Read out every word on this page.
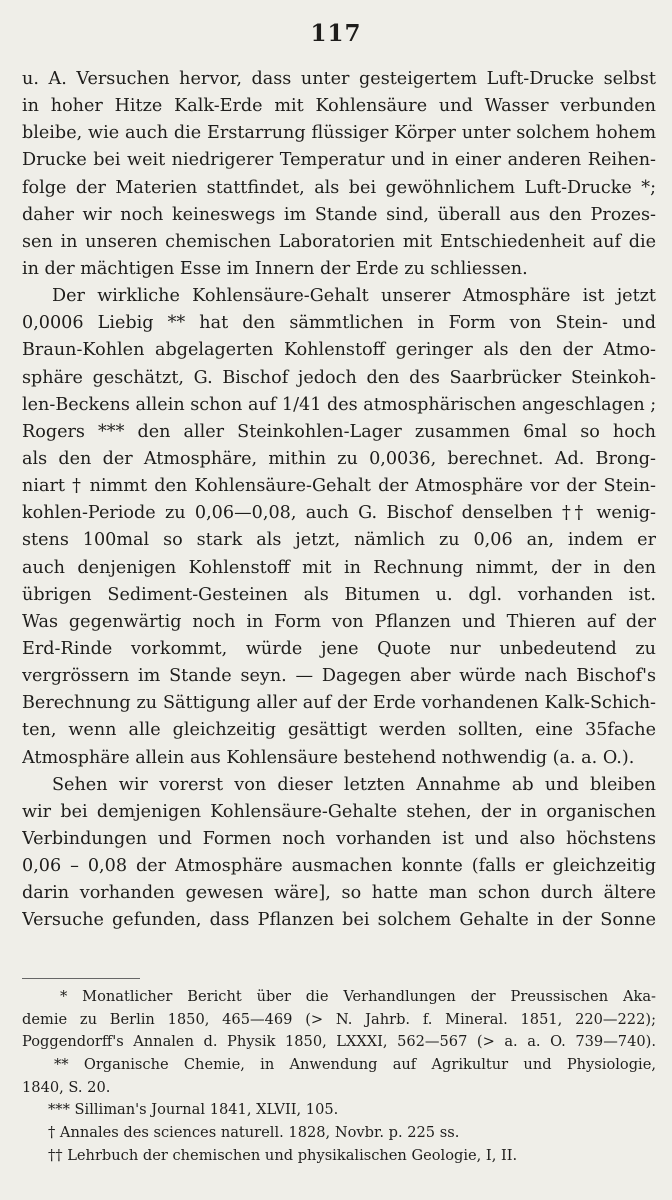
117
u. A. Versuchen hervor, dass unter gesteigertem Luft-Drucke selbst
in hoher Hitze Kalk-Erde mit Kohlensäure und Wasser verbunden
bleibe, wie auch die Erstarrung flüssiger Körper unter solchem hohem
Drucke bei weit niedrigerer Temperatur und in einer anderen Reihen-
folge der Materien stattfindet, als bei gewöhnlichem Luft-Drucke *;
daher wir noch keineswegs im Stande sind, überall aus den Prozes-
sen in unseren chemischen Laboratorien mit Entschiedenheit auf die
in der mächtigen Esse im Innern der Erde zu schliessen.
Der wirkliche Kohlensäure-Gehalt unserer Atmosphäre ist jetzt
0,0006 Liebig ** hat den sämmtlichen in Form von Stein- und
Braun-Kohlen abgelagerten Kohlenstoff geringer als den der Atmo-
sphäre geschätzt, G. Bischof jedoch den des Saarbrücker Steinkoh-
len-Beckens allein schon auf 1/41 des atmosphärischen angeschlagen ;
Rogers *** den aller Steinkohlen-Lager zusammen 6mal so hoch
als den der Atmosphäre, mithin zu 0,0036, berechnet. Ad. Brong-
niart † nimmt den Kohlensäure-Gehalt der Atmosphäre vor der Stein-
kohlen-Periode zu 0,06—0,08, auch G. Bischof denselben †† wenig-
stens 100mal so stark als jetzt, nämlich zu 0,06 an, indem er
auch denjenigen Kohlenstoff mit in Rechnung nimmt, der in den
übrigen Sediment-Gesteinen als Bitumen u. dgl. vorhanden ist.
Was gegenwärtig noch in Form von Pflanzen und Thieren auf der
Erd-Rinde vorkommt, würde jene Quote nur unbedeutend zu
vergrössern im Stande seyn. — Dagegen aber würde nach Bischof's
Berechnung zu Sättigung aller auf der Erde vorhandenen Kalk-Schich-
ten, wenn alle gleichzeitig gesättigt werden sollten, eine 35fache
Atmosphäre allein aus Kohlensäure bestehend nothwendig (a. a. O.).
Sehen wir vorerst von dieser letzten Annahme ab und bleiben
wir bei demjenigen Kohlensäure-Gehalte stehen, der in organischen
Verbindungen und Formen noch vorhanden ist und also höchstens
0,06 – 0,08 der Atmosphäre ausmachen konnte (falls er gleichzeitig
darin vorhanden gewesen wäre], so hatte man schon durch ältere
Versuche gefunden, dass Pflanzen bei solchem Gehalte in der Sonne
* Monatlicher Bericht über die Verhandlungen der Preussischen Aka-
demie zu Berlin 1850, 465—469 (> N. Jahrb. f. Mineral. 1851, 220—222);
Poggendorff's Annalen d. Physik 1850, LXXXI, 562—567 (> a. a. O. 739—740).
** Organische Chemie, in Anwendung auf Agrikultur und Physiologie,
1840, S. 20.
*** Silliman's Journal 1841, XLVII, 105.
† Annales des sciences naturell. 1828, Novbr. p. 225 ss.
†† Lehrbuch der chemischen und physikalischen Geologie, I, II.
